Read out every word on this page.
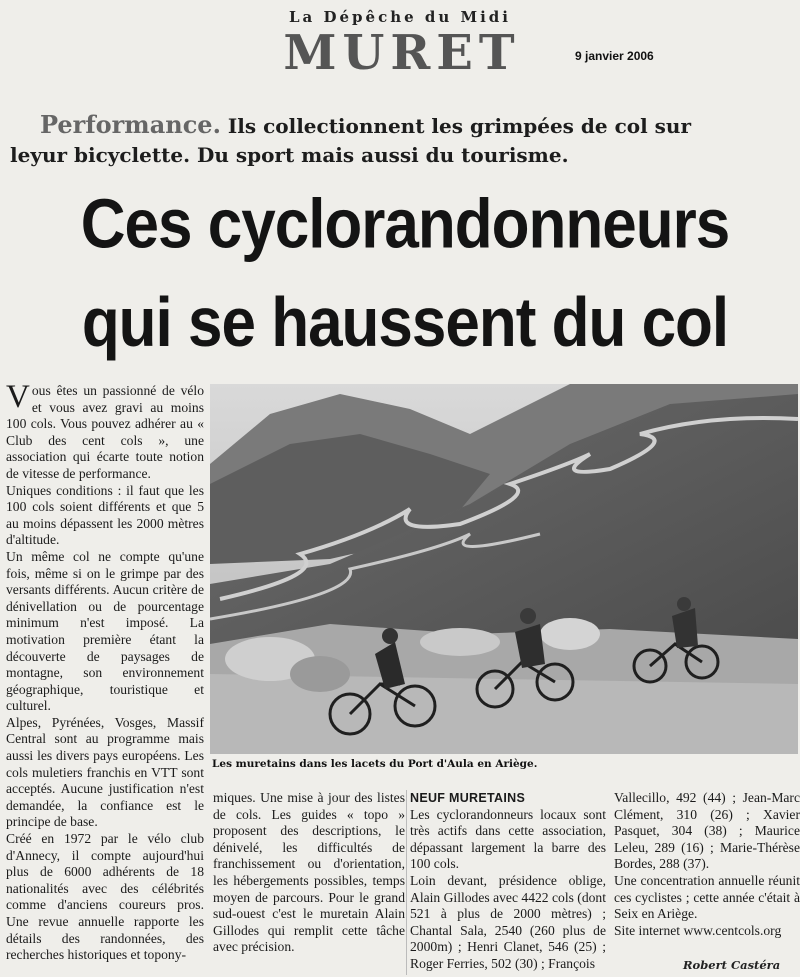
La Dépêche du Midi
MURET	9 janvier 2006
Performance. Ils collectionnent les grimpées de col sur
leyur bicyclette. Du sport mais aussi du tourisme.
Ces cyclorandonneurs
qui se haussent du col
Les muretains dans les lacets du Port d'Aula en Ariège.

Vous êtes un passionné de vélo et vous avez gravi au moins 100 cols. Vous pouvez adhérer au « Club des cent cols », une association qui écarte toute notion de vitesse de performance.

Uniques conditions : il faut que les 100 cols soient différents et que 5 au moins dépassent les 2000 mètres d'altitude.

Un même col ne compte qu'une fois, même si on le grimpe par des versants différents. Aucun critère de dénivellation ou de pourcentage minimum n'est imposé. La motivation première étant la découverte de paysages de montagne, son environnement géographique, touristique et culturel.

Alpes, Pyrénées, Vosges, Massif Central sont au programme mais aussi les divers pays européens. Les cols muletiers franchis en VTT sont acceptés. Aucune justification n'est demandée, la confiance est le principe de base.

Créé en 1972 par le vélo club d'Annecy, il compte aujourd'hui plus de 6000 adhérents de 18 nationalités avec des célébrités comme d'anciens coureurs pros. Une revue annuelle rapporte les détails des randonnées, des recherches historiques et topony-

miques. Une mise à jour des listes de cols. Les guides « topo » proposent des descriptions, le dénivelé, les difficultés de franchissement ou d'orientation, les hébergements possibles, temps moyen de parcours. Pour le grand sud-ouest c'est le muretain Alain Gillodes qui remplit cette tâche avec précision.

NEUF MURETAINS

Les cyclorandonneurs locaux sont très actifs dans cette association, dépassant largement la barre des 100 cols.

Loin devant, présidence oblige, Alain Gillodes avec 4422 cols (dont 521 à plus de 2000 mètres) ; Chantal Sala, 2540 (260 plus de 2000m) ; Henri Clanet, 546 (25) ; Roger Ferries, 502 (30) ; François

Vallecillo, 492 (44) ; Jean-Marc Clément, 310 (26) ; Xavier Pasquet, 304 (38) ; Maurice Leleu, 289 (16) ; Marie-Thérèse Bordes, 288 (37).

Une concentration annuelle réunit ces cyclistes ; cette année c'était à Seix en Ariège.

Site internet www.centcols.org

Robert Castéra
